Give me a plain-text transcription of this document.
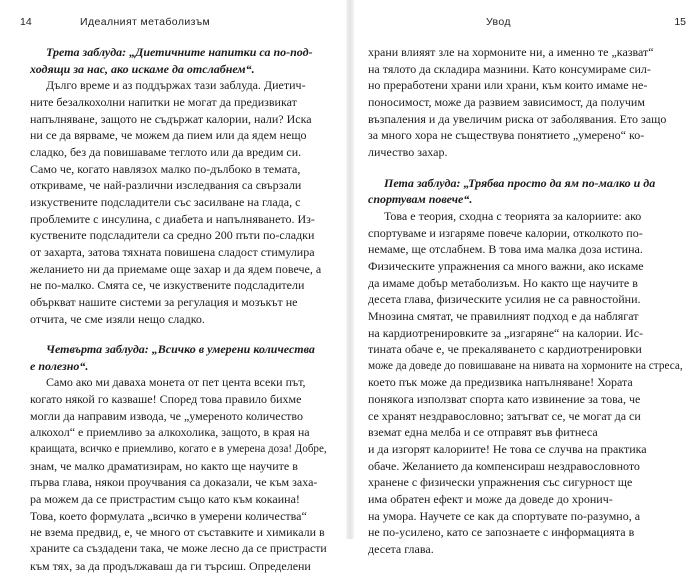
14	Идеалният метаболизъм
Трета заблуда: „Диетичните напитки са по-под-
ходящи за нас, ако искаме да отслабнем“.
Дълго време и аз поддържах тази заблуда. Диетич-
ните безалкохолни напитки не могат да предизвикат
напълняване, защото не съдържат калории, нали? Иска
ни се да вярваме, че можем да пием или да ядем нещо
сладко, без да повишаваме теглото или да вредим си.
Само че, когато навлязох малко по-дълбоко в темата,
откриваме, че най-различни изследвания са свързали
изкуствените подсладители със засилване на глада, с
проблемите с инсулина, с диабета и напълняването. Из-
куствените подсладители са средно 200 пъти по-сладки
от захарта, затова тяхната повишена сладост стимулира
желанието ни да приемаме още захар и да ядем повече, а
не по-малко. Смята се, че изкуствените подсладители
объркват нашите системи за регулация и мозъкът не
отчита, че сме изяли нещо сладко.
Четвърта заблуда: „Всичко в умерени количества
е полезно“.
Само ако ми даваха монета от пет цента всеки път,
когато някой го казваше! Според това правило бихме
могли да направим извода, че „умереното количество
алкохол“ е приемливо за алкохолика, защото, в края на
краищата, всичко е приемливо, когато е в умерена доза! Добре,
знам, че малко драматизирам, но както ще научите в
първа глава, някои проучвания са доказали, че към заха-
ра можем да се пристрастим също като към кокаина!
Това, което формулата „всичко в умерени количества“
не взема предвид, е, че много от съставките и химикали в
храните са създадени така, че може лесно да се пристрасти
към тях, за да продължаваш да ги търсиш. Определени
Увод	15
храни влияят зле на хормоните ни, а именно те „казват“
на тялото да складира мазнини. Като консумираме сил-
но преработени храни или храни, към които имаме не-
поносимост, може да развием зависимост, да получим
възпаления и да увеличим риска от заболявания. Ето защо
за много хора не съществува понятието „умерено“ ко-
личество захар.
Пета заблуда: „Трябва просто да ям по-малко и да
спортувам повече“.
Това е теория, сходна с теорията за калориите: ако
спортуваме и изгаряме повече калории, отколкото по-
немаме, ще отслабнем. В това има малка доза истина.
Физическите упражнения са много важни, ако искаме
да имаме добър метаболизъм. Но както ще научите в
десета глава, физическите усилия не са равностойни.
Мнозина смятат, че правилният подход е да наблягат
на кардиотренировките за „изгаряне“ на калории. Ис-
тината обаче е, че прекаляването с кардиотренировки
може да доведе до повишаване на нивата на хормоните на стреса,
което пък може да предизвика напълняване! Хората
понякога използват спорта като извинение за това, че
се хранят нездравословно; затъгват се, че могат да си
вземат една мелба и се отправят във фитнеса
и да изгорят калориите! Не това се случва на практика
обаче. Желанието да компенсираш нездравословното
хранене с физически упражнения със сигурност ще
има обратен ефект и може да доведе до хронич-
на умора. Научете се как да спортувате по-разумно, а
не по-усилено, като се запознаете с информацията в
десета глава.
